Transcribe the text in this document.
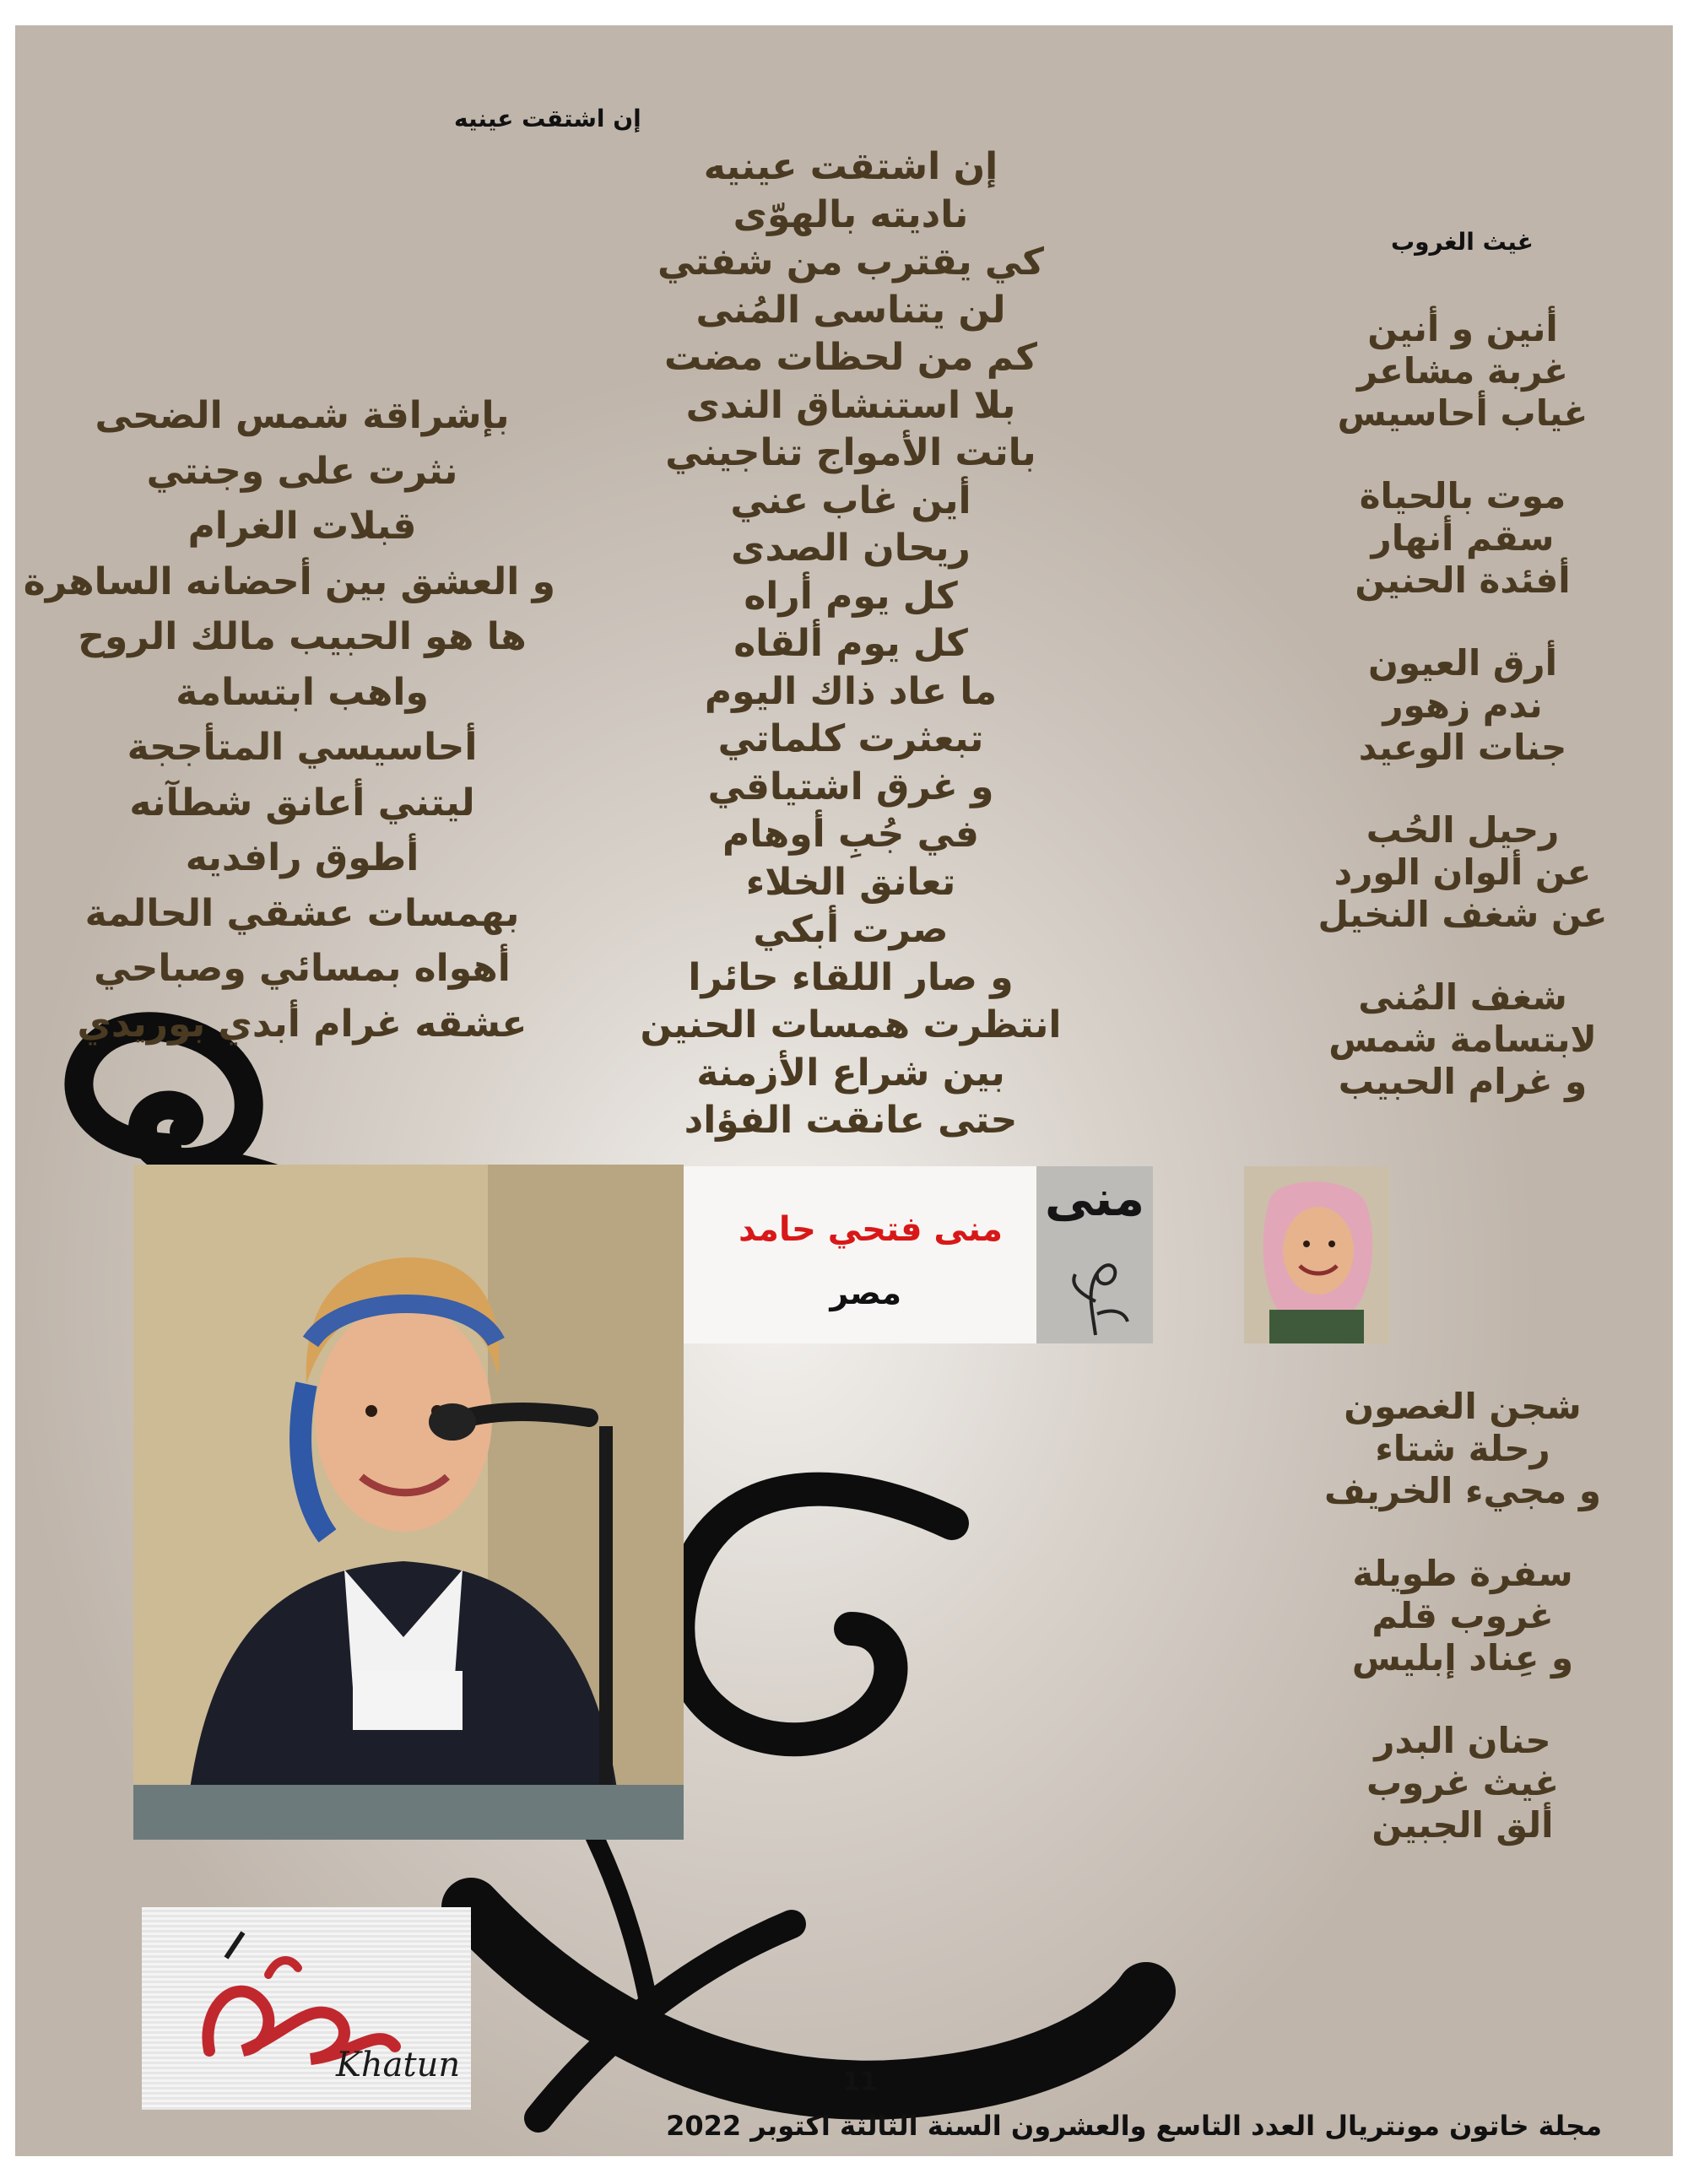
إن اشتقت عينيه
إن اشتقت عينيه
ناديته بالهوّى
كي يقترب من شفتي
لن يتناسى المُنى
كم من لحظات مضت
بلا استنشاق الندى
باتت الأمواج تناجيني
أين غاب عني
ريحان الصدى
كل يوم أراه
كل يوم ألقاه
ما عاد ذاك اليوم
تبعثرت كلماتي
و غرق اشتياقي
في جُبِ أوهام
تعانق الخلاء
صرت أبكي
و صار اللقاء حائرا
انتظرت همسات الحنين
بين شراع الأزمنة
حتى عانقت الفؤاد
بإشراقة شمس الضحى
نثرت على وجنتي
قبلات الغرام
و العشق بين أحضانه الساهرة
ها هو الحبيب مالك الروح
واهب ابتسامة
أحاسيسي المتأججة
ليتني أعانق شطآنه
أطوق رافديه
بهمسات عشقي الحالمة
أهواه بمسائي وصباحي
عشقه غرام أبدي بوريدي
غيث الغروب
أنين و أنين
غربة مشاعر
غياب أحاسيس
موت بالحياة
سقم أنهار
أفئدة الحنين
أرق العيون
ندم زهور
جنات الوعيد
رحيل الحُب
عن ألوان الورد
عن شغف النخيل
شغف المُنى
لابتسامة شمس
و غرام الحبيب
شجن الغصون
رحلة شتاء
و مجيء الخريف
سفرة طويلة
غروب قلم
و عِناد إبليس
حنان البدر
غيث غروب
ألق الجبين
منى فتحي حامد
مصر
منى
Khatun	11
مجلة خاتون مونتريال العدد التاسع والعشرون السنة الثالثة اكتوبر 2022
